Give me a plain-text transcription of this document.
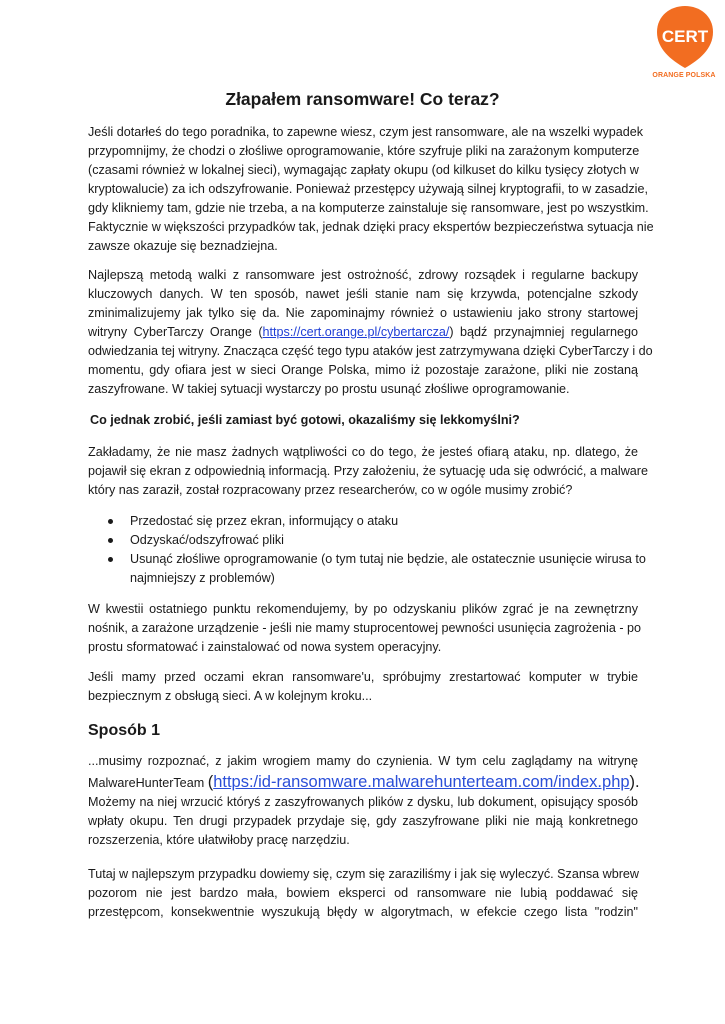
CERT
ORANGE POLSKA
Złapałem ransomware! Co teraz?
Jeśli dotarłeś do tego poradnika, to zapewne wiesz, czym jest ransomware, ale na wszelki wypadek
przypomnijmy, że chodzi o złośliwe oprogramowanie, które szyfruje pliki na zarażonym komputerze
(czasami również w lokalnej sieci), wymagając zapłaty okupu (od kilkuset do kilku tysięcy złotych w
kryptowalucie) za ich odszyfrowanie. Ponieważ przestępcy używają silnej kryptografii, to w zasadzie,
gdy klikniemy tam, gdzie nie trzeba, a na komputerze zainstaluje się ransomware, jest po wszystkim.
Faktycznie w większości przypadków tak, jednak dzięki pracy ekspertów bezpieczeństwa sytuacja nie
zawsze okazuje się beznadziejna.
Najlepszą metodą walki z ransomware jest ostrożność, zdrowy rozsądek i regularne backupy
kluczowych danych. W ten sposób, nawet jeśli stanie nam się krzywda, potencjalne szkody
zminimalizujemy jak tylko się da. Nie zapominajmy również o ustawieniu jako strony startowej
witryny CyberTarczy Orange (https://cert.orange.pl/cybertarcza/) bądź przynajmniej regularnego
odwiedzania tej witryny. Znacząca część tego typu ataków jest zatrzymywana dzięki CyberTarczy i do
momentu, gdy ofiara jest w sieci Orange Polska, mimo iż pozostaje zarażone, pliki nie zostaną
zaszyfrowane. W takiej sytuacji wystarczy po prostu usunąć złośliwe oprogramowanie.
Co jednak zrobić, jeśli zamiast być gotowi, okazaliśmy się lekkomyślni?
Zakładamy, że nie masz żadnych wątpliwości co do tego, że jesteś ofiarą ataku, np. dlatego, że
pojawił się ekran z odpowiednią informacją. Przy założeniu, że sytuację uda się odwrócić, a malware
który nas zaraził, został rozpracowany przez researcherów, co w ogóle musimy zrobić?
Przedostać się przez ekran, informujący o ataku
Odzyskać/odszyfrować pliki
Usunąć złośliwe oprogramowanie (o tym tutaj nie będzie, ale ostatecznie usunięcie wirusa to
najmniejszy z problemów)
W kwestii ostatniego punktu rekomendujemy, by po odzyskaniu plików zgrać je na zewnętrzny
nośnik, a zarażone urządzenie - jeśli nie mamy stuprocentowej pewności usunięcia zagrożenia - po
prostu sformatować i zainstalować od nowa system operacyjny.
Jeśli mamy przed oczami ekran ransomware'u, spróbujmy zrestartować komputer w trybie
bezpiecznym z obsługą sieci. A w kolejnym kroku...
Sposób 1
...musimy rozpoznać, z jakim wrogiem mamy do czynienia. W tym celu zaglądamy na witrynę
MalwareHunterTeam (https:/id-ransomware.malwarehunterteam.com/index.php).
Możemy na niej wrzucić któryś z zaszyfrowanych plików z dysku, lub dokument, opisujący sposób
wpłaty okupu. Ten drugi przypadek przydaje się, gdy zaszyfrowane pliki nie mają konkretnego
rozszerzenia, które ułatwiłoby pracę narzędziu.
Tutaj w najlepszym przypadku dowiemy się, czym się zaraziliśmy i jak się wyleczyć. Szansa wbrew
pozorom nie jest bardzo mała, bowiem eksperci od ransomware nie lubią poddawać się
przestępcom, konsekwentnie wyszukują błędy w algorytmach, w efekcie czego lista "rodzin"
